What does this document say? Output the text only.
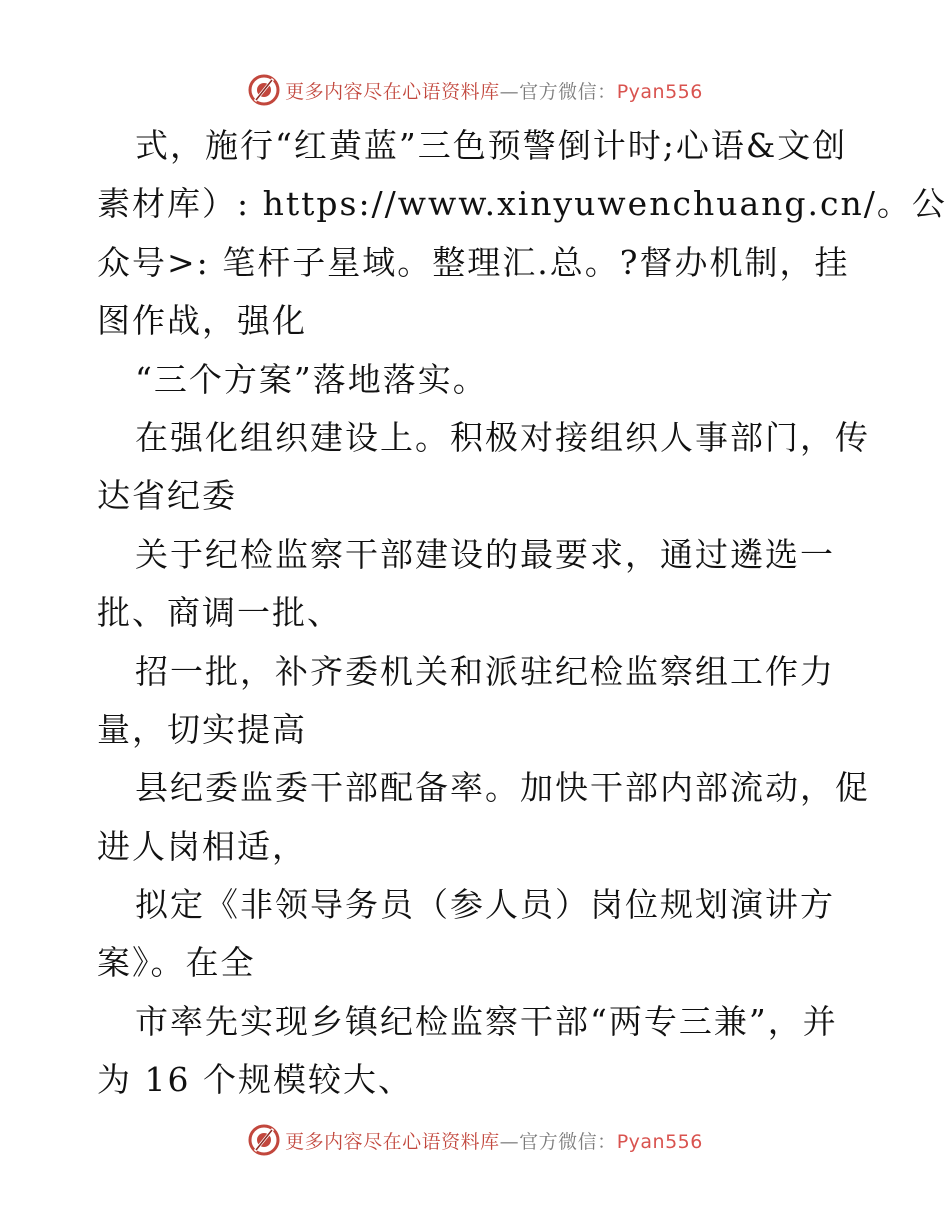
更多内容尽在心语资料库—官方微信：Pyan556
式，施行“红黄蓝”三色预警倒计时;心语&文创
素材库）: https://www.xinyuwenchuang.cn/。公
众号>: 笔杆子星域。整理汇.总。?督办机制，挂
图作战，强化
“三个方案”落地落实。
在强化组织建设上。积极对接组织人事部门，传
达省纪委
关于纪检监察干部建设的最要求，通过遴选一
批、商调一批、
招一批，补齐委机关和派驻纪检监察组工作力
量，切实提高
县纪委监委干部配备率。加快干部内部流动，促
进人岗相适，
拟定《非领导务员（参人员）岗位规划演讲方
案》。在全
市率先实现乡镇纪检监察干部“两专三兼”，并
为 16 个规模较大、
更多内容尽在心语资料库—官方微信：Pyan556
